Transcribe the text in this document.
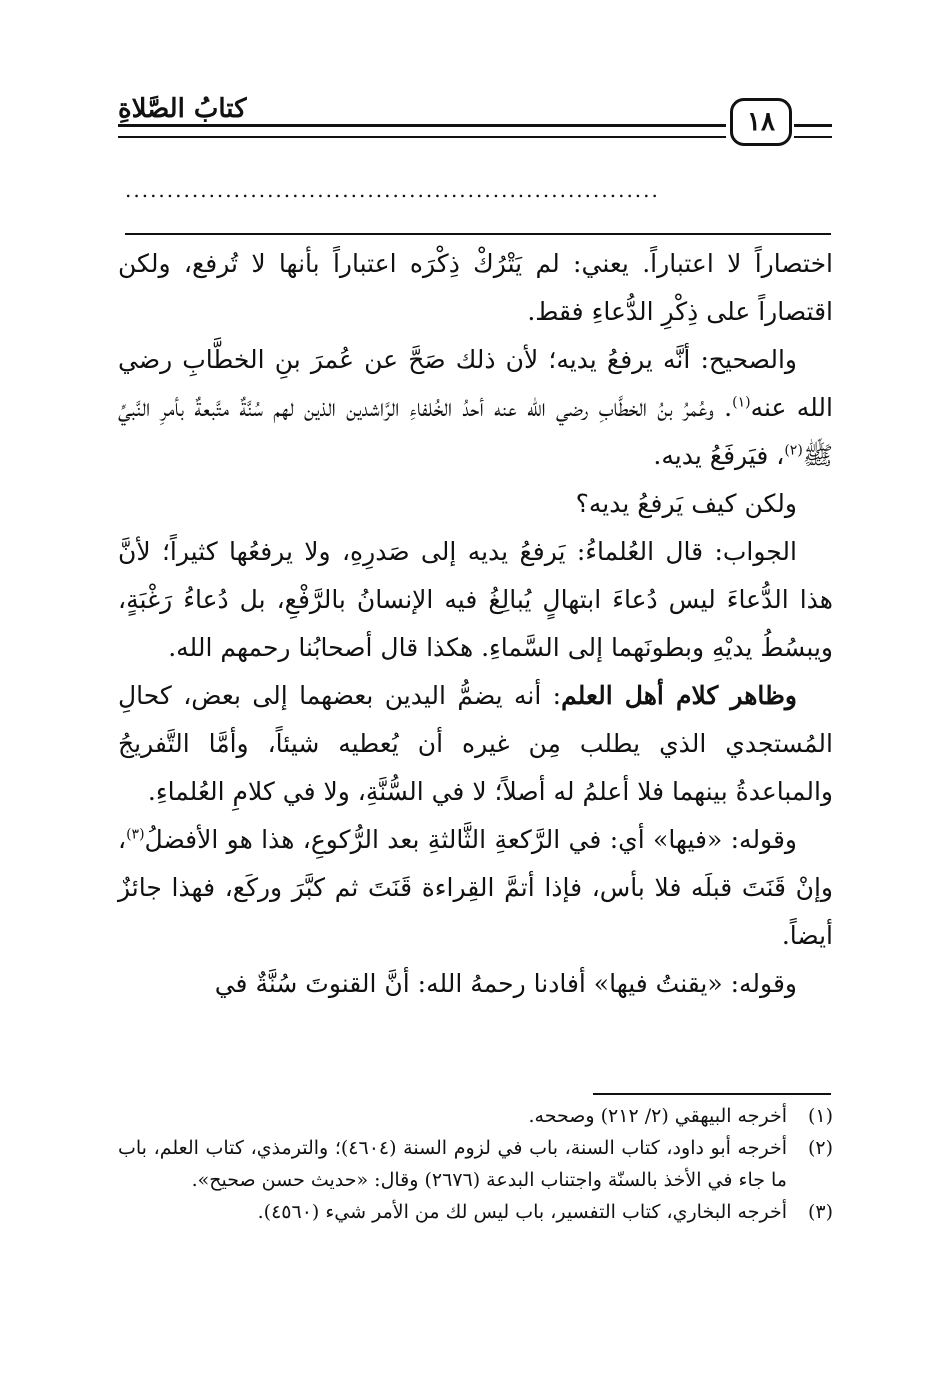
كتابُ الصَّلاةِ	١٨
................................................................

اختصاراً لا اعتباراً. يعني: لم يَتْرُكْ ذِكْرَه اعتباراً بأنها لا تُرفع، ولكن اقتصاراً على ذِكْرِ الدُّعاءِ فقط.

والصحيح: أنَّه يرفعُ يديه؛ لأن ذلك صَحَّ عن عُمرَ بنِ الخطَّابِ رضي الله عنه$^{(١)}$. وعُمرُ بنُ الخطَّابِ رضي الله عنه أحدُ الخُلفاءِ الرَّاشدين الذين لهم سُنَّةٌ متَّبعةٌ بأمرِ النَّبيِّ ﷺ$^{(٢)}$، فيَرفَعُ يديه.

ولكن كيف يَرفعُ يديه؟

الجواب: قال العُلماءُ: يَرفعُ يديه إلى صَدرِهِ، ولا يرفعُها كثيراً؛ لأنَّ هذا الدُّعاءَ ليس دُعاءَ ابتهالٍ يُبالِغُ فيه الإنسانُ بالرَّفْعِ، بل دُعاءُ رَغْبَةٍ، ويبسُطُ يديْهِ وبطونَهما إلى السَّماءِ. هكذا قال أصحابُنا رحمهم الله.

وظاهر كلام أهل العلم: أنه يضمُّ اليدين بعضهما إلى بعض، كحالِ المُستجدي الذي يطلب مِن غيره أن يُعطيه شيئاً، وأمَّا التَّفريجُ والمباعدةُ بينهما فلا أعلمُ له أصلاً؛ لا في السُّنَّةِ، ولا في كلامِ العُلماءِ.

وقوله: «فيها» أي: في الرَّكعةِ الثَّالثةِ بعد الرُّكوعِ، هذا هو الأفضلُ$^{(٣)}$، وإنْ قَنَتَ قبلَه فلا بأس، فإذا أتمَّ القِراءة قَنَتَ ثم كبَّرَ وركَع، فهذا جائزٌ أيضاً.

وقوله: «يقنتُ فيها» أفادنا رحمهُ الله: أنَّ القنوتَ سُنَّةٌ في

(١)
أخرجه البيهقي (٢/ ٢١٢) وصححه.
(٢)
أخرجه أبو داود، كتاب السنة، باب في لزوم السنة (٤٦٠٤)؛ والترمذي، كتاب العلم، باب ما جاء في الأخذ بالسنّة واجتناب البدعة (٢٦٧٦) وقال: «حديث حسن صحيح».
(٣)
أخرجه البخاري، كتاب التفسير، باب ليس لك من الأمر شيء (٤٥٦٠).
